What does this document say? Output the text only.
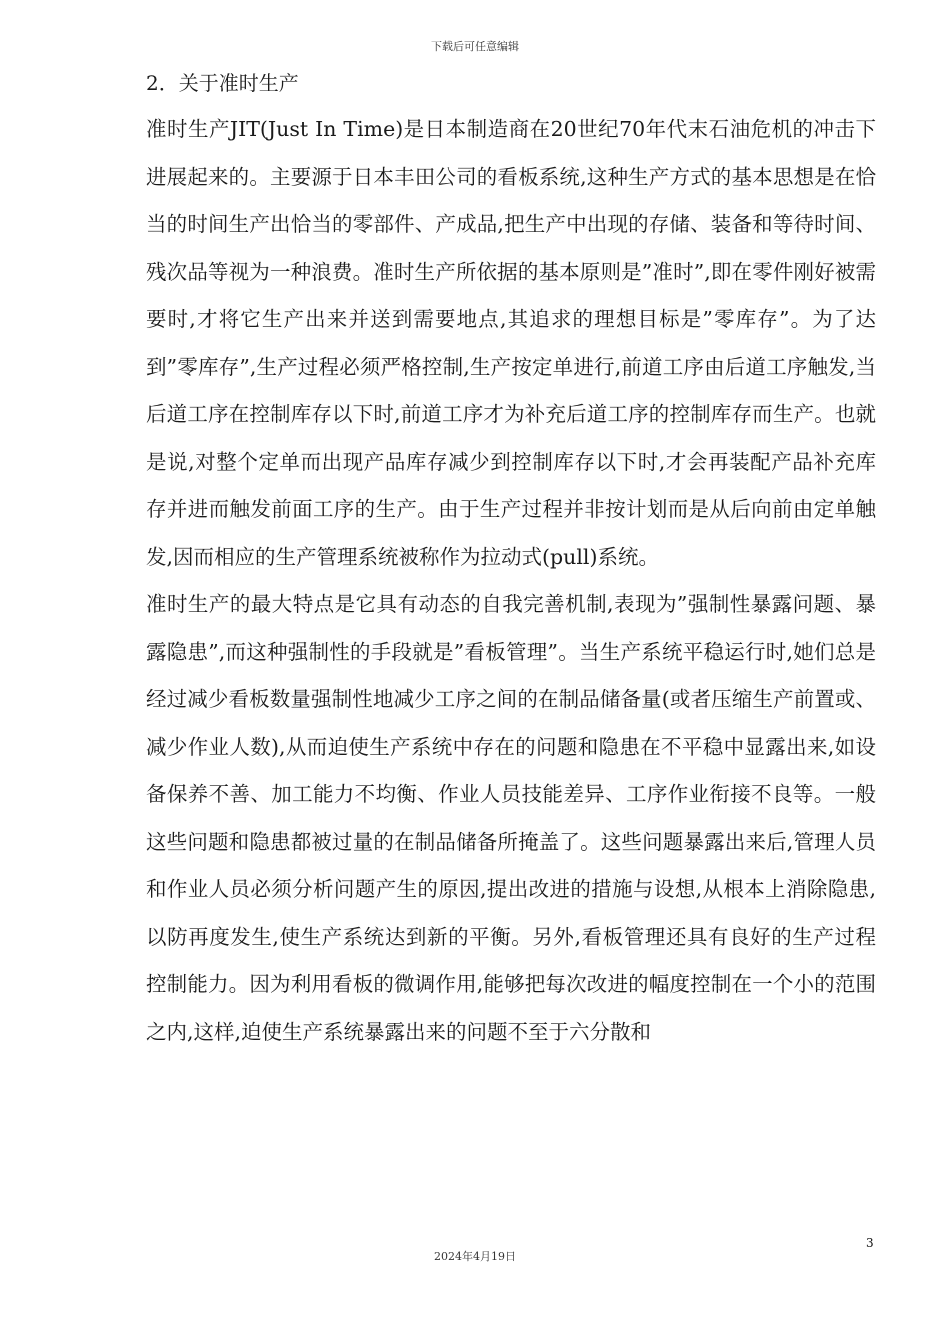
下载后可任意编辑
2．关于准时生产

准时生产JIT(Just In Time)是日本制造商在20世纪70年代末石油危机的冲击下进展起来的。主要源于日本丰田公司的看板系统,这种生产方式的基本思想是在恰当的时间生产出恰当的零部件、产成品,把生产中出现的存储、装备和等待时间、残次品等视为一种浪费。准时生产所依据的基本原则是”准时”,即在零件刚好被需要时,才将它生产出来并送到需要地点,其追求的理想目标是”零库存”。为了达到”零库存”,生产过程必须严格控制,生产按定单进行,前道工序由后道工序触发,当后道工序在控制库存以下时,前道工序才为补充后道工序的控制库存而生产。也就是说,对整个定单而出现产品库存减少到控制库存以下时,才会再装配产品补充库存并进而触发前面工序的生产。由于生产过程并非按计划而是从后向前由定单触发,因而相应的生产管理系统被称作为拉动式(pull)系统。

准时生产的最大特点是它具有动态的自我完善机制,表现为”强制性暴露问题、暴露隐患”,而这种强制性的手段就是”看板管理”。当生产系统平稳运行时,她们总是经过减少看板数量强制性地减少工序之间的在制品储备量(或者压缩生产前置或、减少作业人数),从而迫使生产系统中存在的问题和隐患在不平稳中显露出来,如设备保养不善、加工能力不均衡、作业人员技能差异、工序作业衔接不良等。一般这些问题和隐患都被过量的在制品储备所掩盖了。这些问题暴露出来后,管理人员和作业人员必须分析问题产生的原因,提出改进的措施与设想,从根本上消除隐患,以防再度发生,使生产系统达到新的平衡。另外,看板管理还具有良好的生产过程控制能力。因为利用看板的微调作用,能够把每次改进的幅度控制在一个小的范围之内,这样,迫使生产系统暴露出来的问题不至于六分散和

3
2024年4月19日
